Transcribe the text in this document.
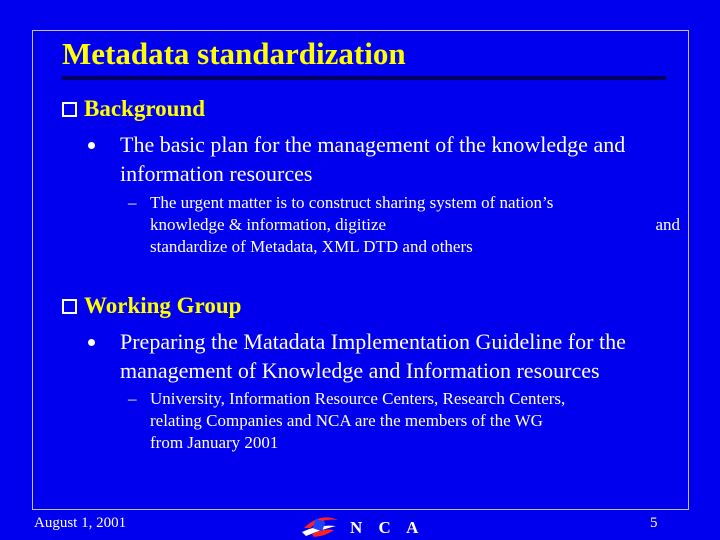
Metadata standardization
Background
The basic plan for the management of the knowledge and
information resources
– The urgent matter is to construct sharing system of nation’s
knowledge & information, digitize	and
standardize of Metadata, XML DTD and others
Working Group
Preparing the Matadata Implementation Guideline for the
management of Knowledge and Information resources
– University, Information Resource Centers, Research Centers,
relating Companies and NCA are the members of the WG
from January 2001
August 1, 2001	N C A	5
